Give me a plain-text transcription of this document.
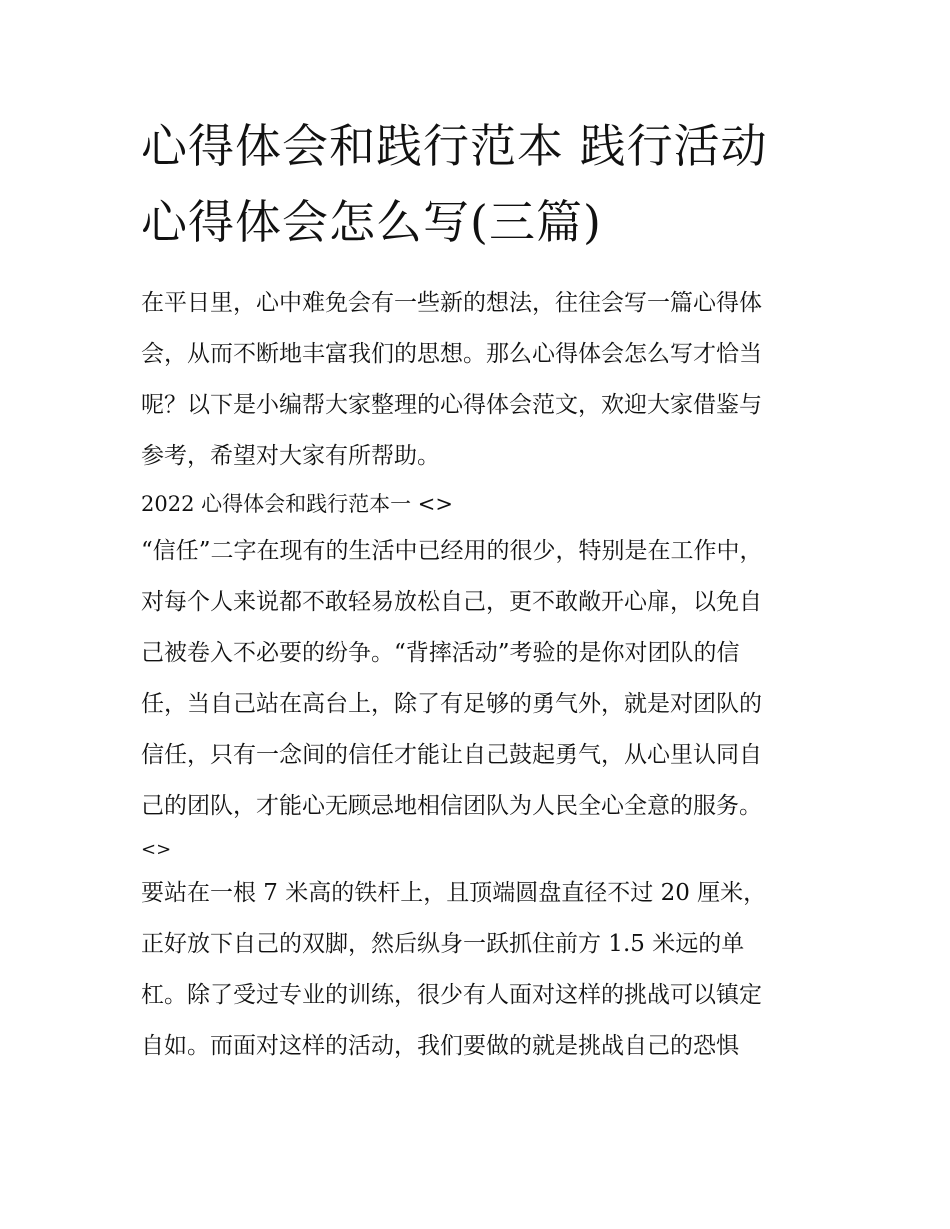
心得体会和践行范本 践行活动
心得体会怎么写(三篇)

在平日里，心中难免会有一些新的想法，往往会写一篇心得体
会，从而不断地丰富我们的思想。那么心得体会怎么写才恰当
呢？以下是小编帮大家整理的心得体会范文，欢迎大家借鉴与
参考，希望对大家有所帮助。

2022 心得体会和践行范本一 <>

“信任”二字在现有的生活中已经用的很少，特别是在工作中，
对每个人来说都不敢轻易放松自己，更不敢敞开心扉，以免自
己被卷入不必要的纷争。“背摔活动”考验的是你对团队的信
任，当自己站在高台上，除了有足够的勇气外，就是对团队的
信任，只有一念间的信任才能让自己鼓起勇气，从心里认同自
己的团队，才能心无顾忌地相信团队为人民全心全意的服务。

<>

要站在一根 7 米高的铁杆上，且顶端圆盘直径不过 20 厘米，
正好放下自己的双脚，然后纵身一跃抓住前方 1.5 米远的单
杠。除了受过专业的训练，很少有人面对这样的挑战可以镇定
自如。而面对这样的活动，我们要做的就是挑战自己的恐惧
